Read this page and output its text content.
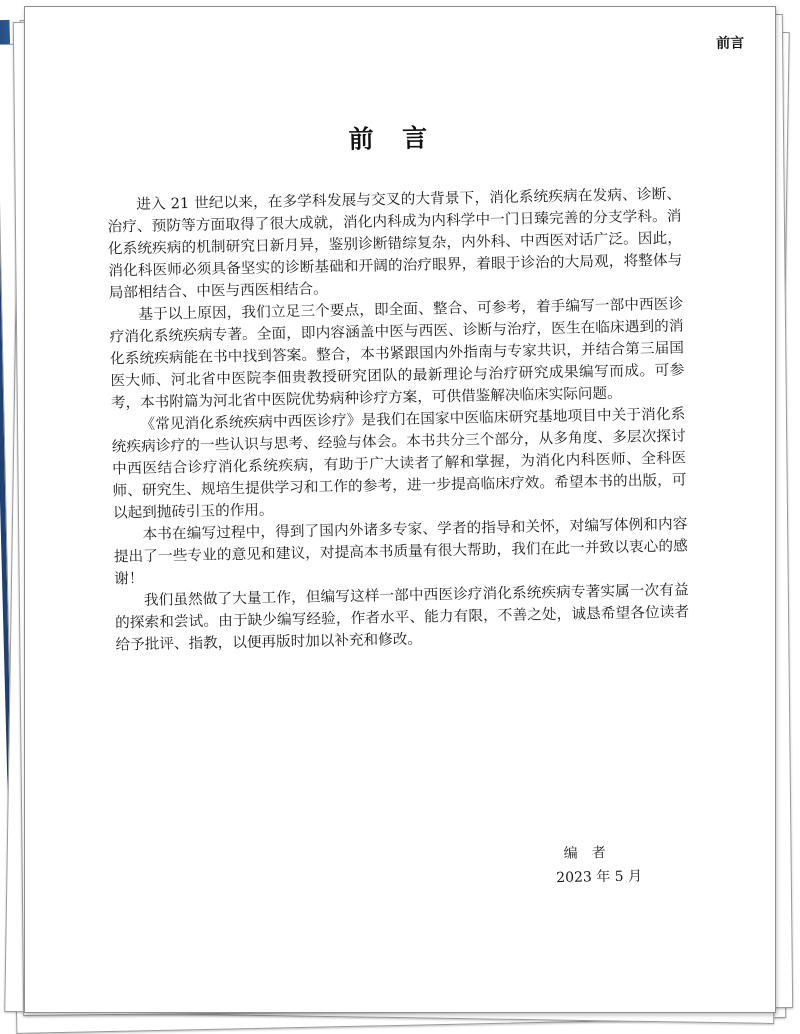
前言
前 言

进入 21 世纪以来，在多学科发展与交叉的大背景下，消化系统疾病在发病、诊断、治疗、预防等方面取得了很大成就，消化内科成为内科学中一门日臻完善的分支学科。消化系统疾病的机制研究日新月异，鉴别诊断错综复杂，内外科、中西医对话广泛。因此，消化科医师必须具备坚实的诊断基础和开阔的治疗眼界，着眼于诊治的大局观，将整体与局部相结合、中医与西医相结合。

基于以上原因，我们立足三个要点，即全面、整合、可参考，着手编写一部中西医诊疗消化系统疾病专著。全面，即内容涵盖中医与西医、诊断与治疗，医生在临床遇到的消化系统疾病能在书中找到答案。整合，本书紧跟国内外指南与专家共识，并结合第三届国医大师、河北省中医院李佃贵教授研究团队的最新理论与治疗研究成果编写而成。可参考，本书附篇为河北省中医院优势病种诊疗方案，可供借鉴解决临床实际问题。

《常见消化系统疾病中西医诊疗》是我们在国家中医临床研究基地项目中关于消化系统疾病诊疗的一些认识与思考、经验与体会。本书共分三个部分，从多角度、多层次探讨中西医结合诊疗消化系统疾病，有助于广大读者了解和掌握，为消化内科医师、全科医师、研究生、规培生提供学习和工作的参考，进一步提高临床疗效。希望本书的出版，可以起到抛砖引玉的作用。

本书在编写过程中，得到了国内外诸多专家、学者的指导和关怀，对编写体例和内容提出了一些专业的意见和建议，对提高本书质量有很大帮助，我们在此一并致以衷心的感谢！

我们虽然做了大量工作，但编写这样一部中西医诊疗消化系统疾病专著实属一次有益的探索和尝试。由于缺少编写经验，作者水平、能力有限，不善之处，诚恳希望各位读者给予批评、指教，以便再版时加以补充和修改。

编者
2023 年 5 月
